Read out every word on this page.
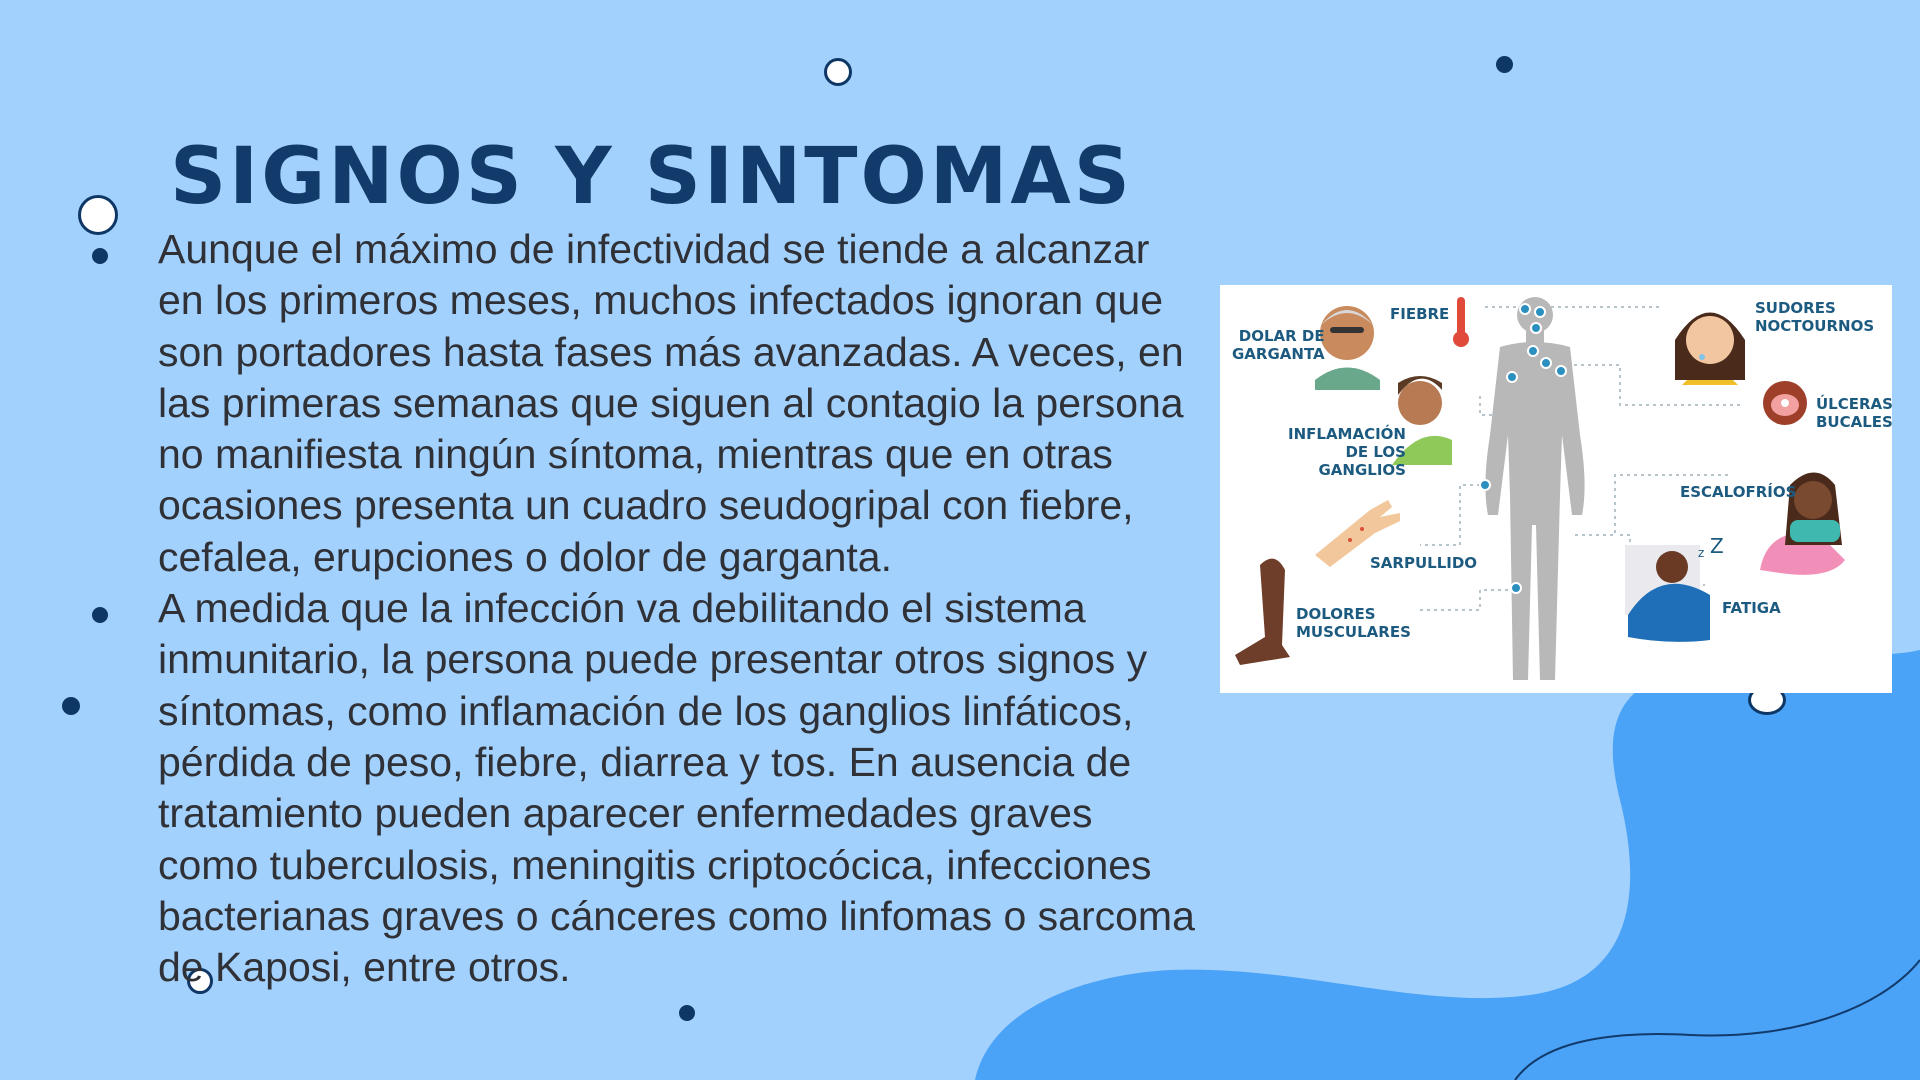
SIGNOS Y SINTOMAS
Aunque el máximo de infectividad se tiende a alcanzar en los primeros meses, muchos infectados ignoran que son portadores hasta fases más avanzadas. A veces, en las primeras semanas que siguen al contagio la persona no manifiesta ningún síntoma, mientras que en otras ocasiones presenta un cuadro seudogripal con fiebre, cefalea, erupciones o dolor de garganta.
A medida que la infección va debilitando el sistema inmunitario, la persona puede presentar otros signos y síntomas, como inflamación de los ganglios linfáticos, pérdida de peso, fiebre, diarrea y tos. En ausencia de tratamiento pueden aparecer enfermedades graves como tuberculosis, meningitis criptocócica, infecciones bacterianas graves o cánceres como linfomas o sarcoma de Kaposi, entre otros.
Z
z
DOLAR DE
GARGANTA
FIEBRE	SUDORES
NOCTOURNOS
ÚLCERAS
BUCALES
INFLAMACIÓN
DE LOS
GANGLIOS
ESCALOFRÍOS
SARPULLIDO
FATIGA
DOLORES
MUSCULARES
